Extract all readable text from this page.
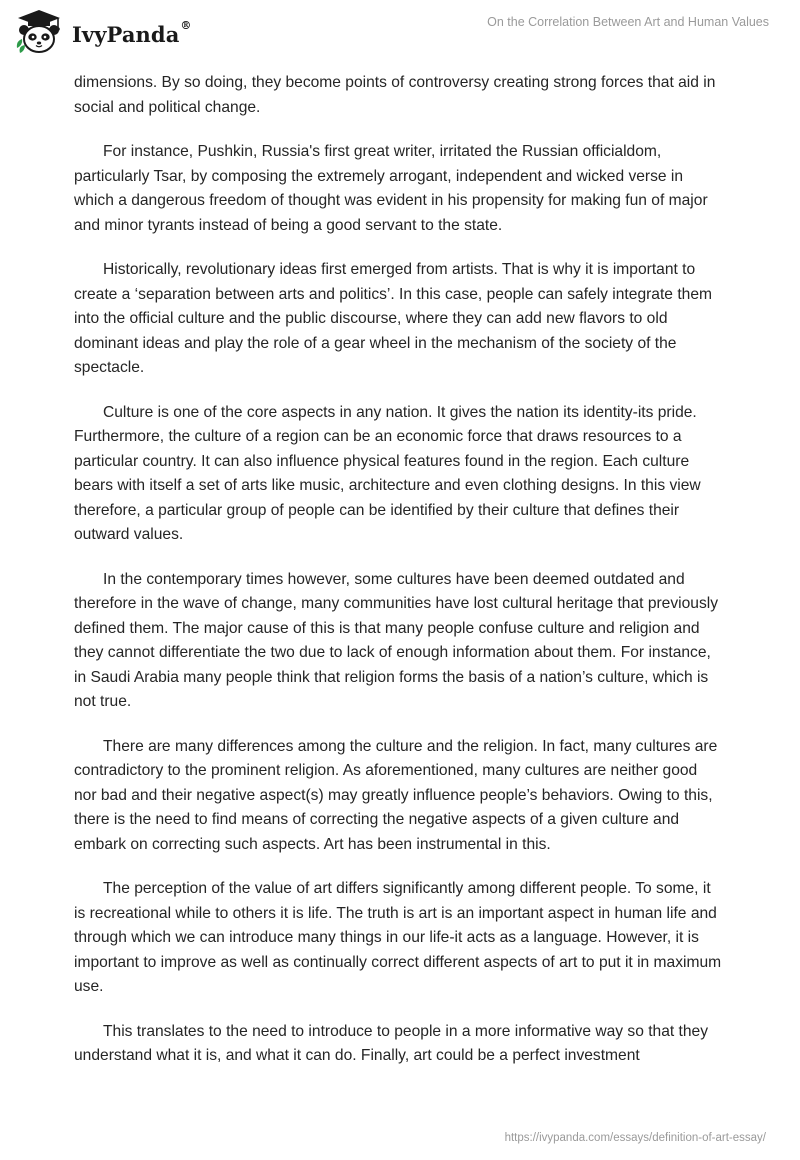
IvyPanda®	On the Correlation Between Art and Human Values

dimensions. By so doing, they become points of controversy creating strong forces that aid in social and political change.

For instance, Pushkin, Russia's first great writer, irritated the Russian officialdom, particularly Tsar, by composing the extremely arrogant, independent and wicked verse in which a dangerous freedom of thought was evident in his propensity for making fun of major and minor tyrants instead of being a good servant to the state.

Historically, revolutionary ideas first emerged from artists. That is why it is important to create a ‘separation between arts and politics’. In this case, people can safely integrate them into the official culture and the public discourse, where they can add new flavors to old dominant ideas and play the role of a gear wheel in the mechanism of the society of the spectacle.

Culture is one of the core aspects in any nation. It gives the nation its identity-its pride. Furthermore, the culture of a region can be an economic force that draws resources to a particular country. It can also influence physical features found in the region. Each culture bears with itself a set of arts like music, architecture and even clothing designs. In this view therefore, a particular group of people can be identified by their culture that defines their outward values.

In the contemporary times however, some cultures have been deemed outdated and therefore in the wave of change, many communities have lost cultural heritage that previously defined them. The major cause of this is that many people confuse culture and religion and they cannot differentiate the two due to lack of enough information about them. For instance, in Saudi Arabia many people think that religion forms the basis of a nation’s culture, which is not true.

There are many differences among the culture and the religion. In fact, many cultures are contradictory to the prominent religion. As aforementioned, many cultures are neither good nor bad and their negative aspect(s) may greatly influence people’s behaviors. Owing to this, there is the need to find means of correcting the negative aspects of a given culture and embark on correcting such aspects. Art has been instrumental in this.

The perception of the value of art differs significantly among different people. To some, it is recreational while to others it is life. The truth is art is an important aspect in human life and through which we can introduce many things in our life-it acts as a language. However, it is important to improve as well as continually correct different aspects of art to put it in maximum use.

This translates to the need to introduce to people in a more informative way so that they understand what it is, and what it can do. Finally, art could be a perfect investment

https://ivypanda.com/essays/definition-of-art-essay/
